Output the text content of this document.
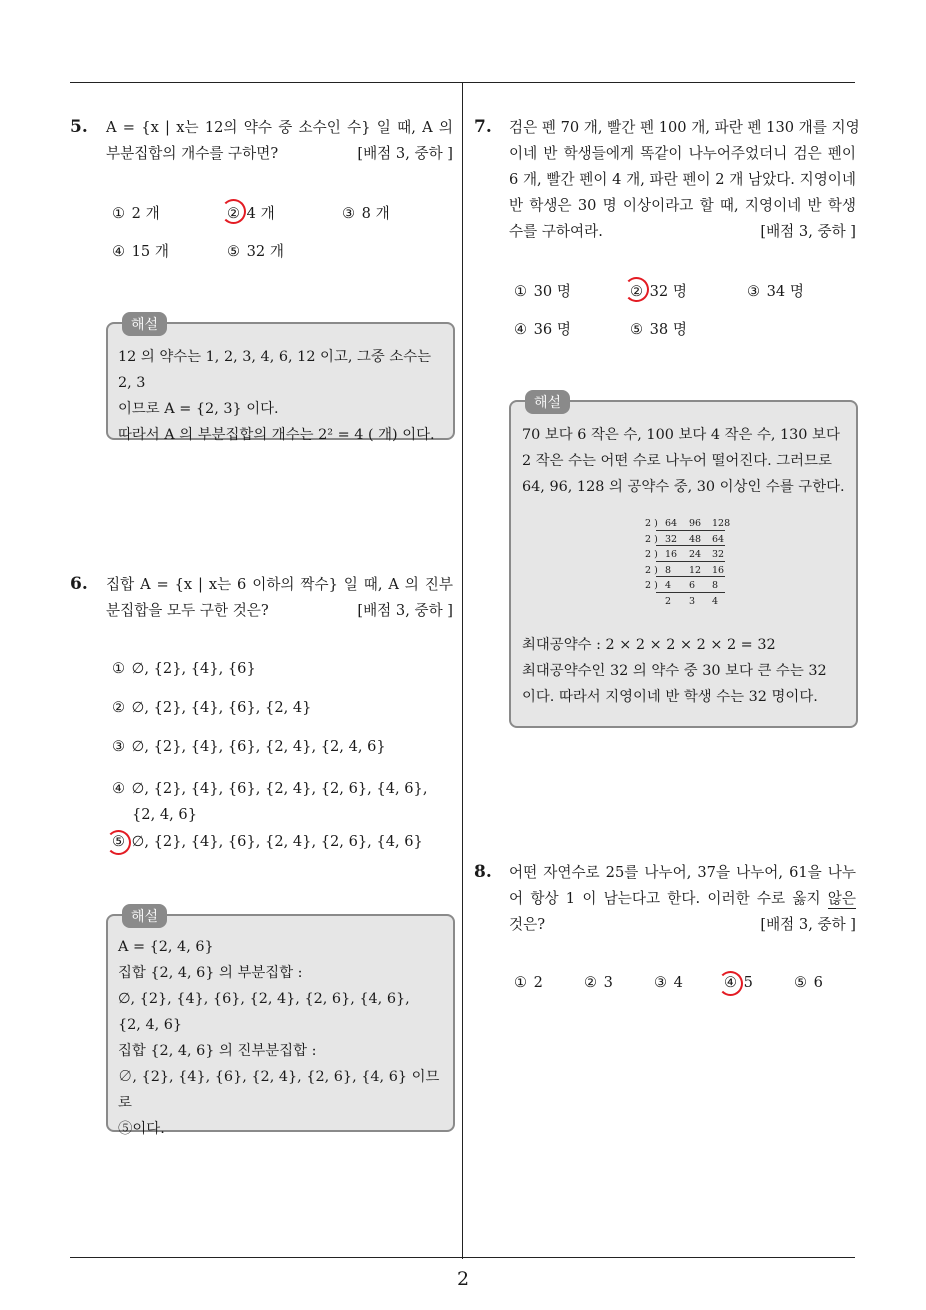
5. A = {x | x는 12의 약수 중 소수인 수} 일 때, A 의
부분집합의 개수를 구하면?	[배점 3, 중하 ]
① 2 개	② 4 개	③ 8 개
④ 15 개	⑤ 32 개
해설
12 의 약수는 1, 2, 3, 4, 6, 12 이고, 그중 소수는 2, 3
이므로 A = {2, 3} 이다.
따라서 A 의 부분집합의 개수는 2² = 4 ( 개) 이다.
6. 집합 A = {x | x는 6 이하의 짝수} 일 때, A 의 진부
분집합을 모두 구한 것은?	[배점 3, 중하 ]
① ∅, {2}, {4}, {6}
② ∅, {2}, {4}, {6}, {2, 4}
③ ∅, {2}, {4}, {6}, {2, 4}, {2, 4, 6}
④ ∅, {2}, {4}, {6}, {2, 4}, {2, 6}, {4, 6},
{2, 4, 6}
⑤ ∅, {2}, {4}, {6}, {2, 4}, {2, 6}, {4, 6}
해설
A = {2, 4, 6}
집합 {2, 4, 6} 의 부분집합 :
∅, {2}, {4}, {6}, {2, 4}, {2, 6}, {4, 6},
{2, 4, 6}
집합 {2, 4, 6} 의 진부분집합 :
∅, {2}, {4}, {6}, {2, 4}, {2, 6}, {4, 6} 이므로
⑤이다.
7. 검은 펜 70 개, 빨간 펜 100 개, 파란 펜 130 개를 지영
이네 반 학생들에게 똑같이 나누어주었더니 검은 펜이
6 개, 빨간 펜이 4 개, 파란 펜이 2 개 남았다. 지영이네
반 학생은 30 명 이상이라고 할 때, 지영이네 반 학생
수를 구하여라.	[배점 3, 중하 ]
① 30 명	② 32 명	③ 34 명
④ 36 명	⑤ 38 명
해설
70 보다 6 작은 수, 100 보다 4 작은 수, 130 보다
2 작은 수는 어떤 수로 나누어 떨어진다. 그러므로
64, 96, 128 의 공약수 중, 30 이상인 수를 구한다.
2 ) 64 96 128
2 ) 32 48 64
2 ) 16 24 32
2 ) 8 12 16
2 ) 4 6 8
2 3 4
최대공약수 : 2 × 2 × 2 × 2 × 2 = 32
최대공약수인 32 의 약수 중 30 보다 큰 수는 32
이다. 따라서 지영이네 반 학생 수는 32 명이다.
8. 어떤 자연수로 25를 나누어, 37을 나누어, 61을 나누
어 항상 1 이 남는다고 한다. 이러한 수로 옳지 않은
것은?	[배점 3, 중하 ]
① 2	② 3	③ 4	④ 5	⑤ 6
2
